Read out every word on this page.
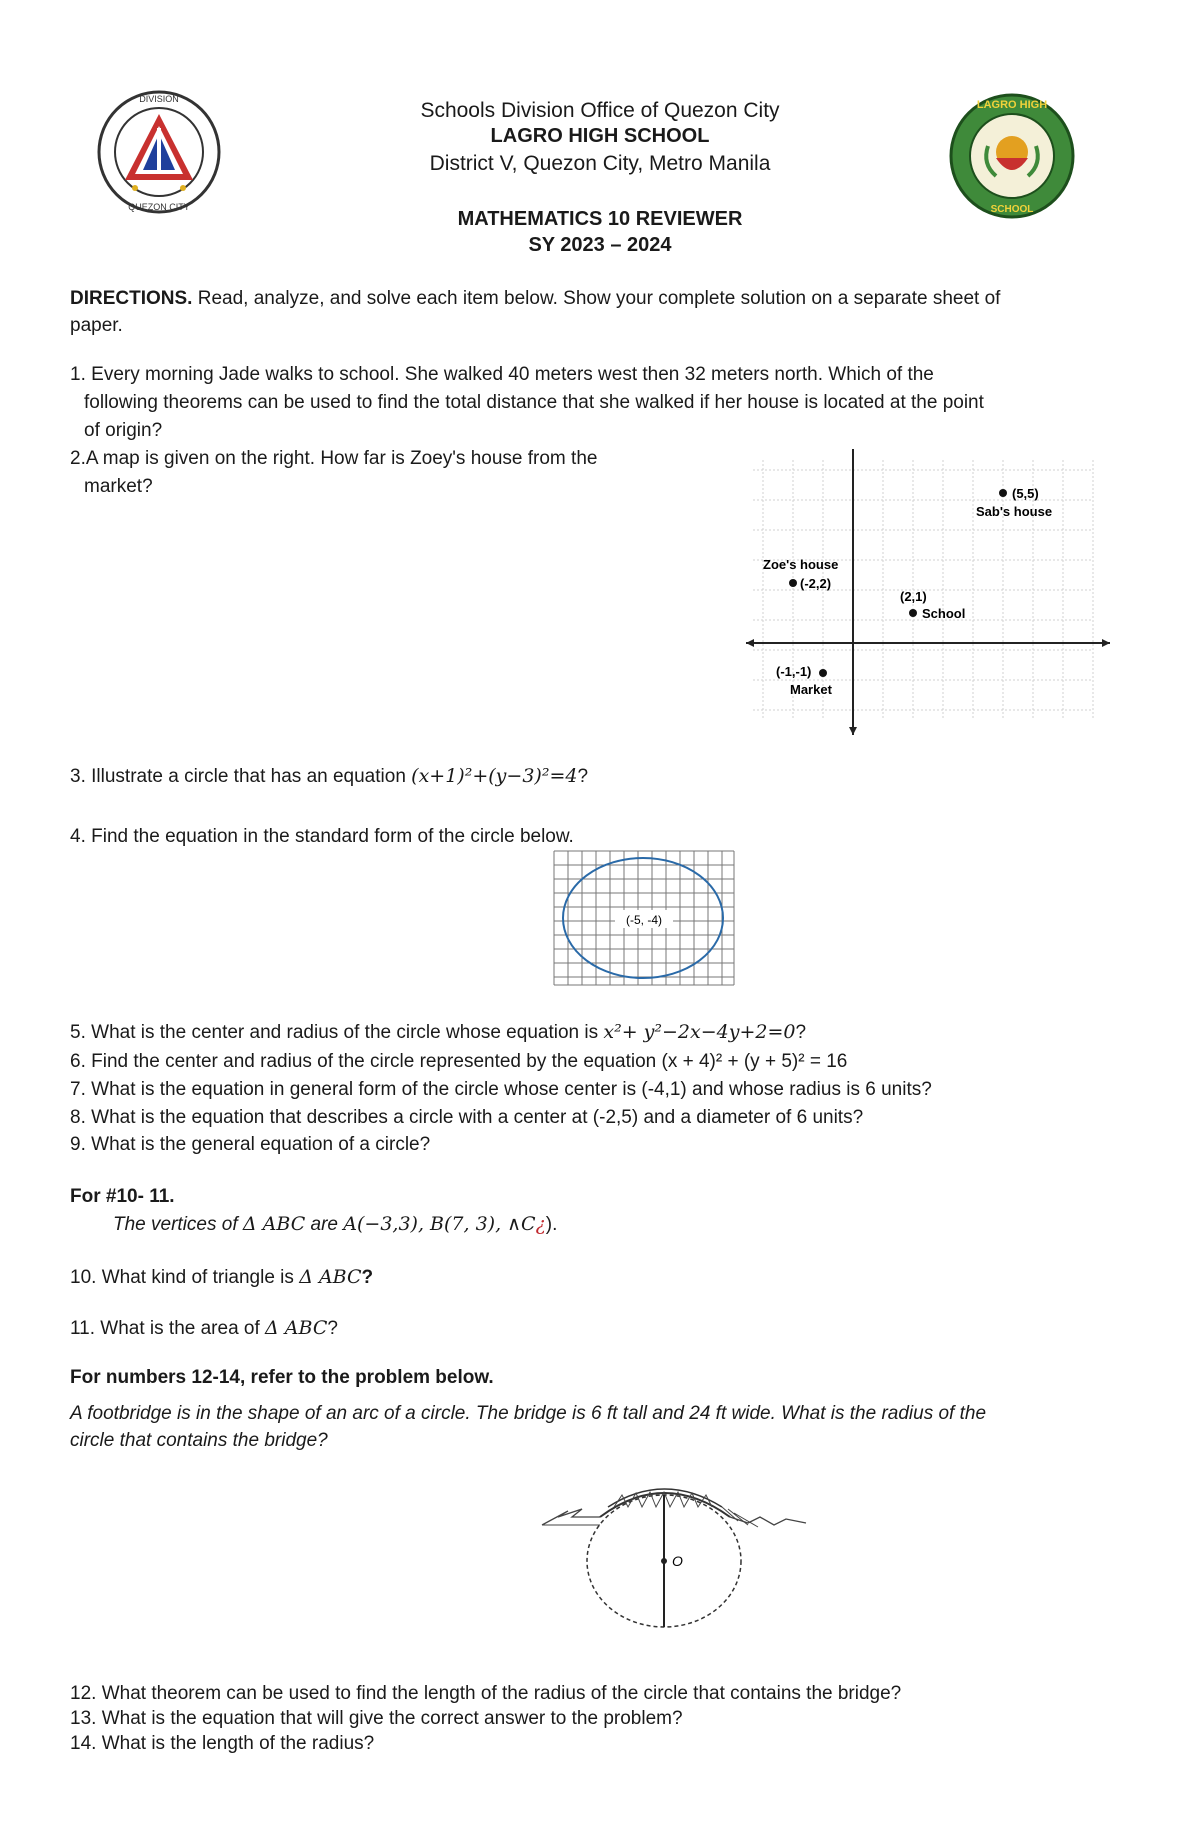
DIVISION
QUEZON CITY
LAGRO HIGH
SCHOOL
Schools Division Office of Quezon City
LAGRO HIGH SCHOOL
District V, Quezon City, Metro Manila
MATHEMATICS 10 REVIEWER
SY 2023 – 2024
DIRECTIONS. Read, analyze, and solve each item below. Show your complete solution on a separate sheet of
paper.
1. Every morning Jade walks to school. She walked 40 meters west then 32 meters north. Which of the
following theorems can be used to find the total distance that she walked if her house is located at the point
of origin?
2.A map is given on the right. How far is Zoey's house from the
market?	(5,5)
Sab's house
Zoe's house
(-2,2)
(2,1)
School
(-1,-1)
Market
3. Illustrate a circle that has an equation (x+1)²+(y−3)²=4?
4. Find the equation in the standard form of the circle below.
(-5, -4)
5. What is the center and radius of the circle whose equation is x²+ y²−2x−4y+2=0?
6. Find the center and radius of the circle represented by the equation (x + 4)² + (y + 5)² = 16
7. What is the equation in general form of the circle whose center is (-4,1) and whose radius is 6 units?
8. What is the equation that describes a circle with a center at (-2,5) and a diameter of 6 units?
9. What is the general equation of a circle?
For #10- 11.
The vertices of Δ ABC are A(−3,3), B(7, 3), ∧C¿).
10. What kind of triangle is Δ ABC?
11. What is the area of Δ ABC?
For numbers 12-14, refer to the problem below.
A footbridge is in the shape of an arc of a circle. The bridge is 6 ft tall and 24 ft wide. What is the radius of the
circle that contains the bridge?
O
12. What theorem can be used to find the length of the radius of the circle that contains the bridge?
13. What is the equation that will give the correct answer to the problem?
14. What is the length of the radius?
